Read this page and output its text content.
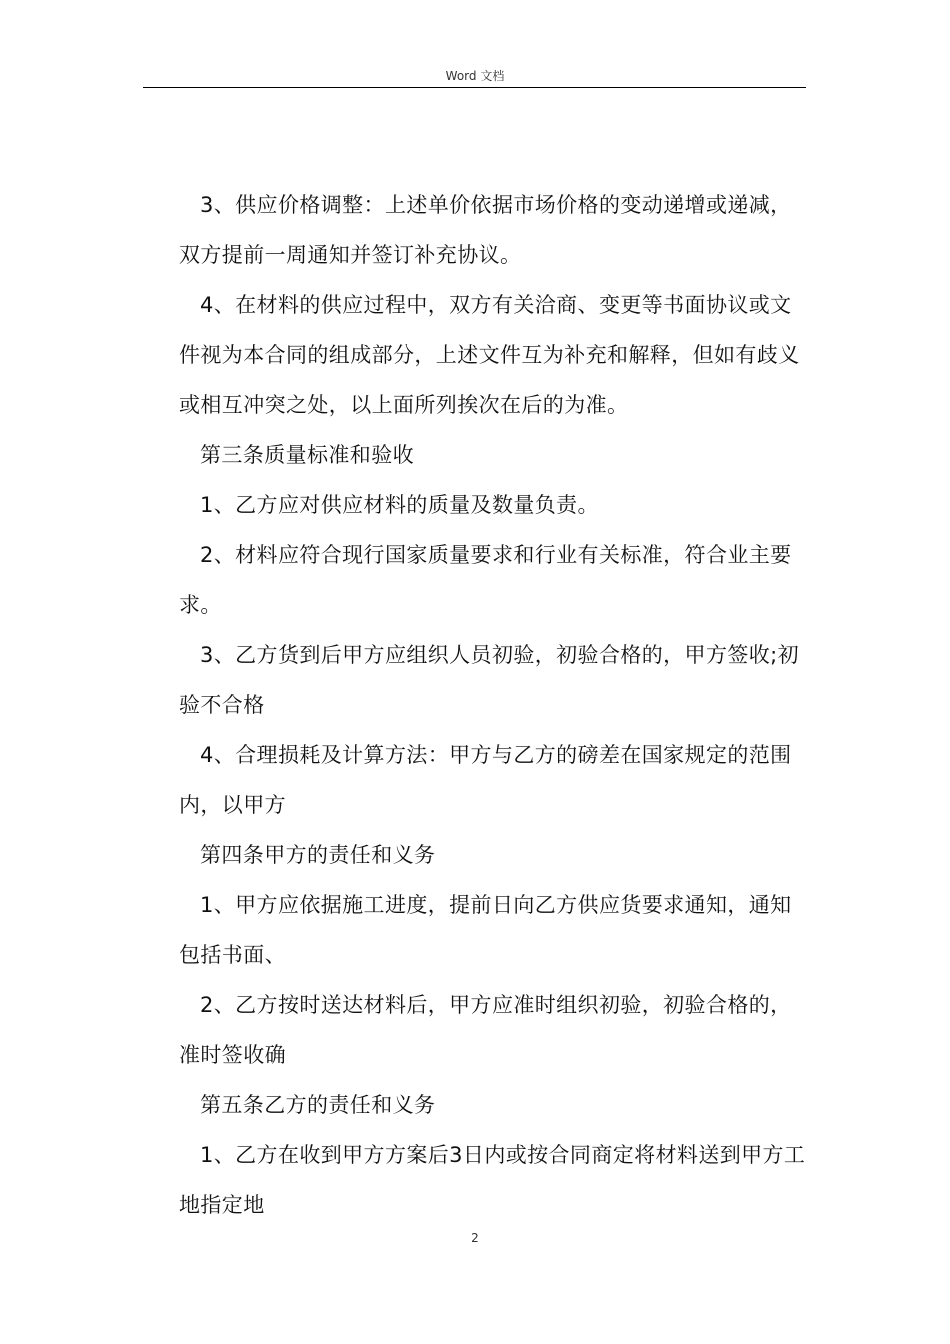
Word 文档

3、供应价格调整：上述单价依据市场价格的变动递增或递减，双方提前一周通知并签订补充协议。

4、在材料的供应过程中，双方有关洽商、变更等书面协议或文件视为本合同的组成部分，上述文件互为补充和解释，但如有歧义或相互冲突之处，以上面所列挨次在后的为准。

第三条质量标准和验收

1、乙方应对供应材料的质量及数量负责。

2、材料应符合现行国家质量要求和行业有关标准，符合业主要求。

3、乙方货到后甲方应组织人员初验，初验合格的，甲方签收;初验不合格

4、合理损耗及计算方法：甲方与乙方的磅差在国家规定的范围内，以甲方

第四条甲方的责任和义务

1、甲方应依据施工进度，提前日向乙方供应货要求通知，通知包括书面、

2、乙方按时送达材料后，甲方应准时组织初验，初验合格的，准时签收确

第五条乙方的责任和义务

1、乙方在收到甲方方案后3日内或按合同商定将材料送到甲方工地指定地

2
